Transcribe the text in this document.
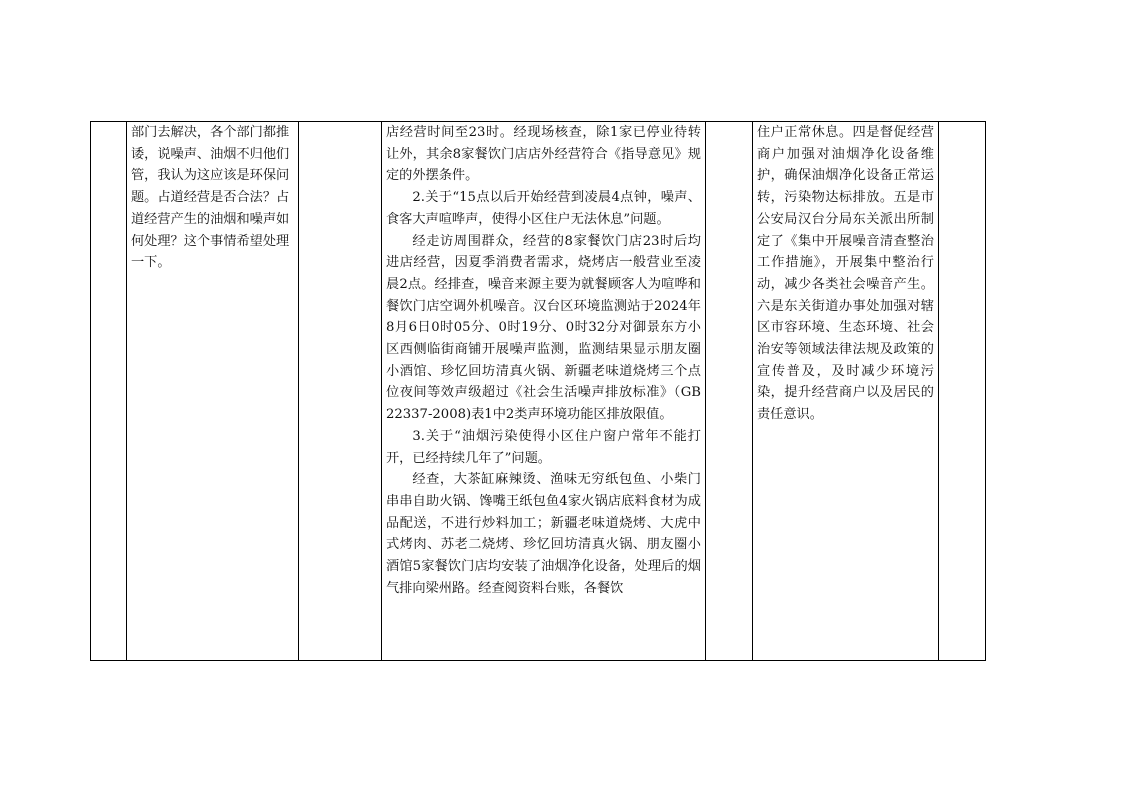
部门去解决，各个部门都推诿，说噪声、油烟不归他们管，我认为这应该是环保问题。占道经营是否合法？占道经营产生的油烟和噪声如何处理？这个事情希望处理一下。

店经营时间至23时。经现场核查，除1家已停业待转让外，其余8家餐饮门店店外经营符合《指导意见》规定的外摆条件。

2.关于“15点以后开始经营到凌晨4点钟，噪声、食客大声喧哗声，使得小区住户无法休息”问题。

经走访周围群众，经营的8家餐饮门店23时后均进店经营，因夏季消费者需求，烧烤店一般营业至凌晨2点。经排查，噪音来源主要为就餐顾客人为喧哗和餐饮门店空调外机噪音。汉台区环境监测站于2024年8月6日0时05分、0时19分、0时32分对御景东方小区西侧临街商铺开展噪声监测，监测结果显示朋友圈小酒馆、珍忆回坊清真火锅、新疆老味道烧烤三个点位夜间等效声级超过《社会生活噪声排放标准》（GB 22337-2008)表1中2类声环境功能区排放限值。

3.关于“油烟污染使得小区住户窗户常年不能打开，已经持续几年了”问题。

经查，大茶缸麻辣烫、渔味无穷纸包鱼、小柴门串串自助火锅、馋嘴王纸包鱼4家火锅店底料食材为成品配送，不进行炒料加工；新疆老味道烧烤、大虎中式烤肉、苏老二烧烤、珍忆回坊清真火锅、朋友圈小酒馆5家餐饮门店均安装了油烟净化设备，处理后的烟气排向梁州路。经查阅资料台账，各餐饮

住户正常休息。四是督促经营商户加强对油烟净化设备维护，确保油烟净化设备正常运转，污染物达标排放。五是市公安局汉台分局东关派出所制定了《集中开展噪音清查整治工作措施》，开展集中整治行动，减少各类社会噪音产生。六是东关街道办事处加强对辖区市容环境、生态环境、社会治安等领域法律法规及政策的宣传普及，及时减少环境污染，提升经营商户以及居民的责任意识。
